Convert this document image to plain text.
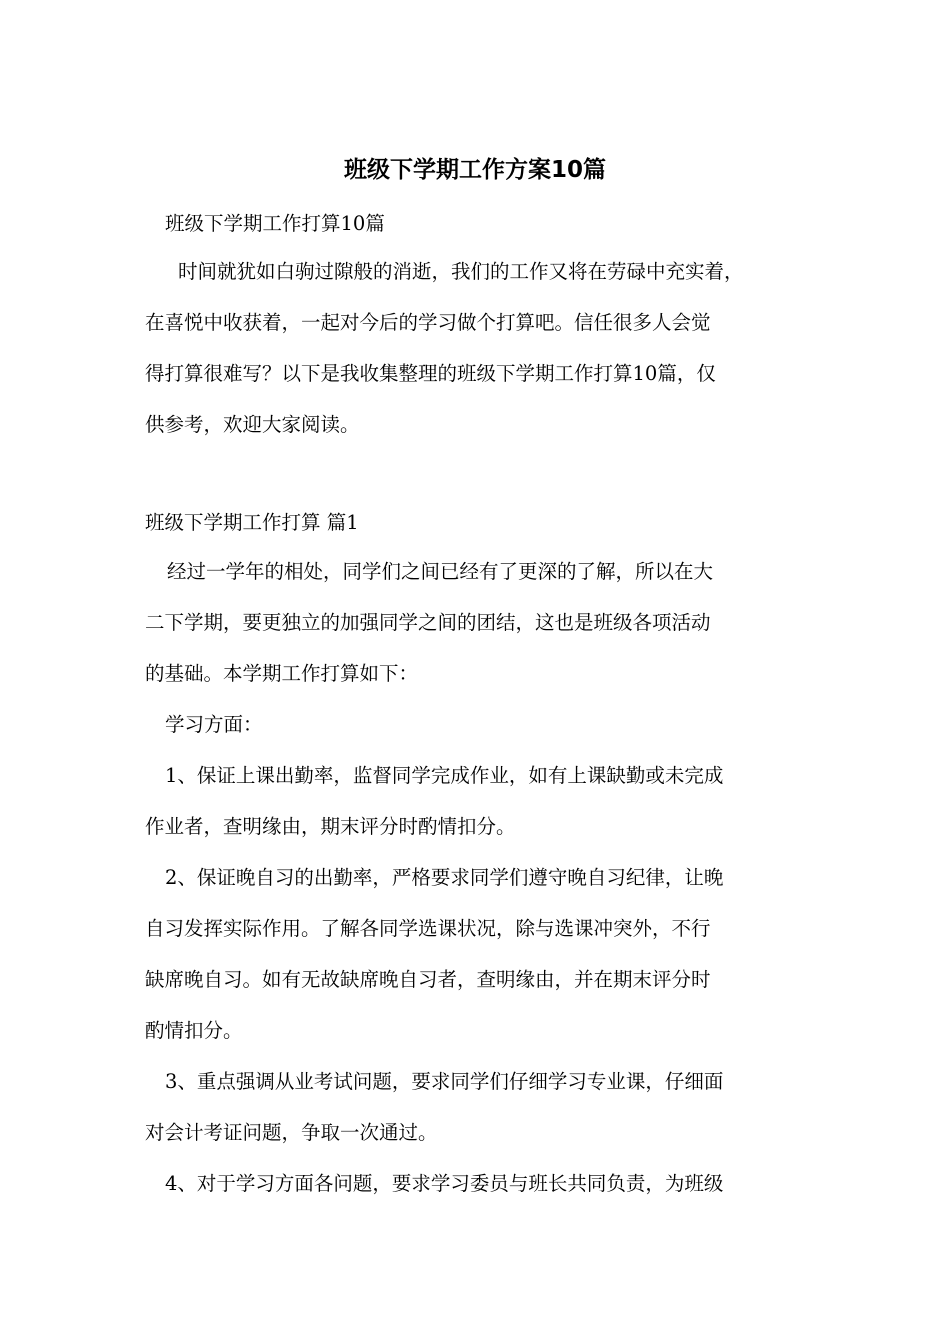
班级下学期工作方案10篇

班级下学期工作打算10篇

时间就犹如白驹过隙般的消逝，我们的工作又将在劳碌中充实着，
在喜悦中收获着，一起对今后的学习做个打算吧。信任很多人会觉
得打算很难写？以下是我收集整理的班级下学期工作打算10篇，仅
供参考，欢迎大家阅读。

班级下学期工作打算 篇1

经过一学年的相处，同学们之间已经有了更深的了解，所以在大
二下学期，要更独立的加强同学之间的团结，这也是班级各项活动
的基础。本学期工作打算如下：
学习方面：
1、保证上课出勤率，监督同学完成作业，如有上课缺勤或未完成
作业者，查明缘由，期末评分时酌情扣分。
2、保证晚自习的出勤率，严格要求同学们遵守晚自习纪律，让晚
自习发挥实际作用。了解各同学选课状况，除与选课冲突外，不行
缺席晚自习。如有无故缺席晚自习者，查明缘由，并在期末评分时
酌情扣分。
3、重点强调从业考试问题，要求同学们仔细学习专业课，仔细面
对会计考证问题，争取一次通过。
4、对于学习方面各问题，要求学习委员与班长共同负责，为班级
